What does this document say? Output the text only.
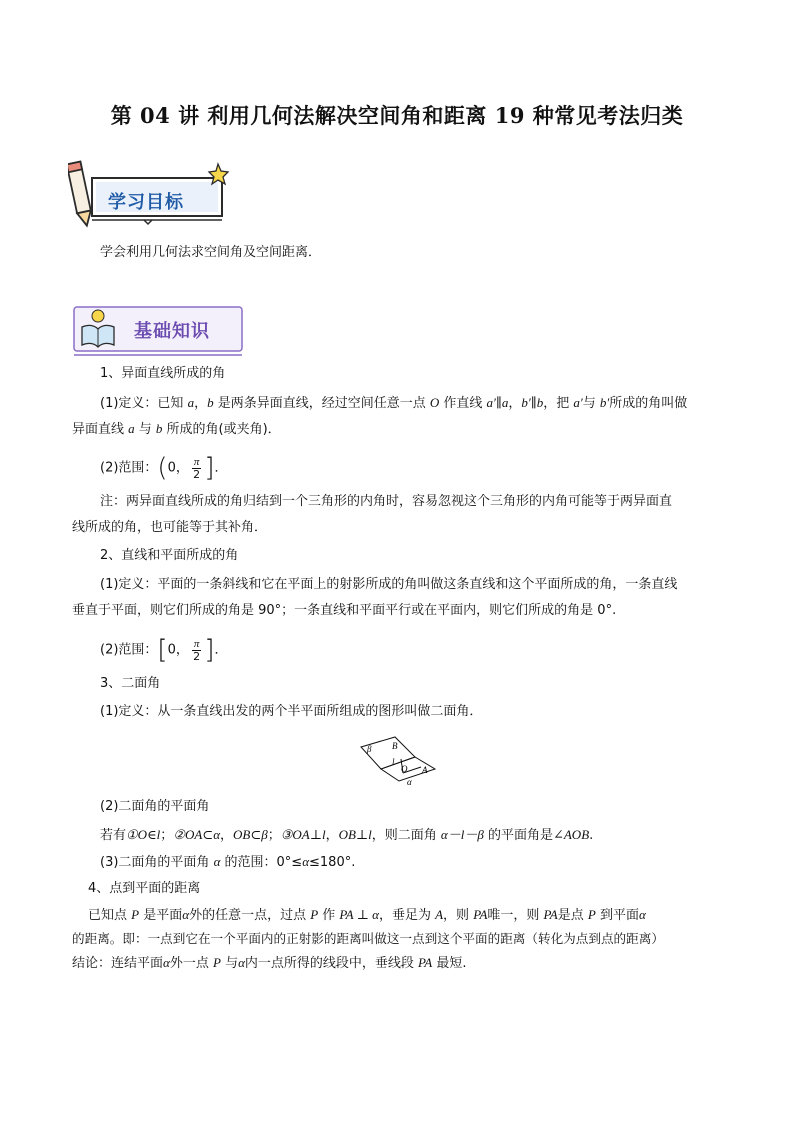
第 04 讲 利用几何法解决空间角和距离 19 种常见考法归类
学习目标
学会利用几何法求空间角及空间距离．
基础知识
1、异面直线所成的角
(1)定义：已知 a，b 是两条异面直线，经过空间任意一点 O 作直线 a′∥a，b′∥b，把 a′与 b′所成的角叫做
异面直线 a 与 b 所成的角(或夹角)．
(2)范围：(0， $\frac{\pi}{2}$ ]．
注：两异面直线所成的角归结到一个三角形的内角时，容易忽视这个三角形的内角可能等于两异面直
线所成的角，也可能等于其补角．
2、直线和平面所成的角
(1)定义：平面的一条斜线和它在平面上的射影所成的角叫做这条直线和这个平面所成的角，一条直线
垂直于平面，则它们所成的角是 90°；一条直线和平面平行或在平面内，则它们所成的角是 0°.
(2)范围：[0， $\frac{\pi}{2}$ ]．
3、二面角
(1)定义：从一条直线出发的两个半平面所组成的图形叫做二面角．
β B
l
O A
α
(2)二面角的平面角
若有①O∈l；②OA⊂α，OB⊂β；③OA⊥l，OB⊥l，则二面角 α－l－β 的平面角是∠AOB.
(3)二面角的平面角 α 的范围：0°≤α≤180°.
4、点到平面的距离
已知点 P 是平面α外的任意一点，过点 P 作 PA ⊥ α，垂足为 A，则 PA唯一，则 PA是点 P 到平面α
的距离。即：一点到它在一个平面内的正射影的距离叫做这一点到这个平面的距离（转化为点到点的距离）
结论：连结平面α外一点 P 与α内一点所得的线段中，垂线段 PA 最短.
